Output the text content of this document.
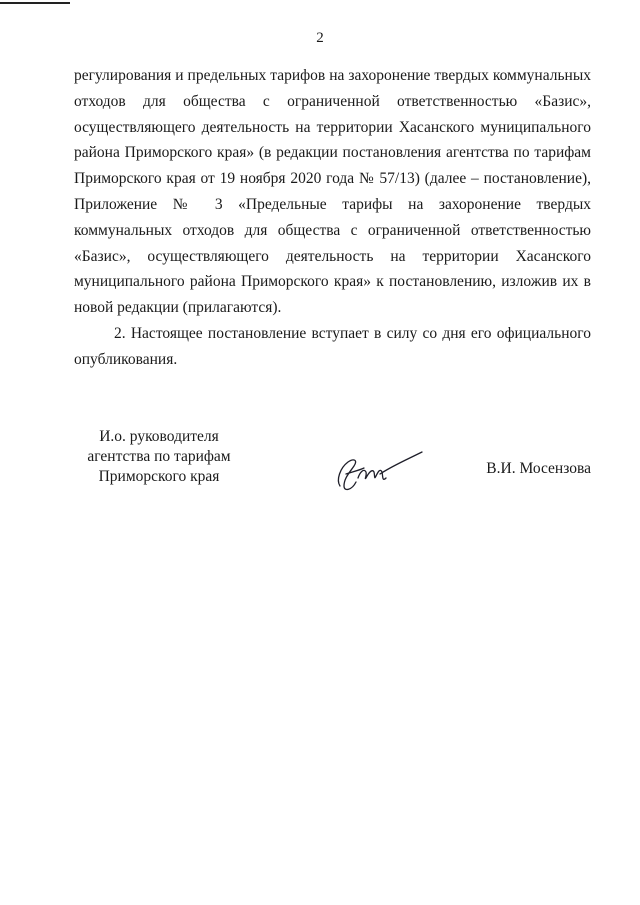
2

регулирования и предельных тарифов на захоронение твердых коммунальных отходов для общества с ограниченной ответственностью «Базис», осуществляющего деятельность на территории Хасанского муниципального района Приморского края» (в редакции постановления агентства по тарифам Приморского края от 19 ноября 2020 года № 57/13) (далее – постановление), Приложение № 3 «Предельные тарифы на захоронение твердых коммунальных отходов для общества с ограниченной ответственностью «Базис», осуществляющего деятельность на территории Хасанского муниципального района Приморского края» к постановлению, изложив их в новой редакции (прилагаются).

2. Настоящее постановление вступает в силу со дня его официального опубликования.

И.о. руководителя
агентства по тарифам
Приморского края	В.И. Мосензова
